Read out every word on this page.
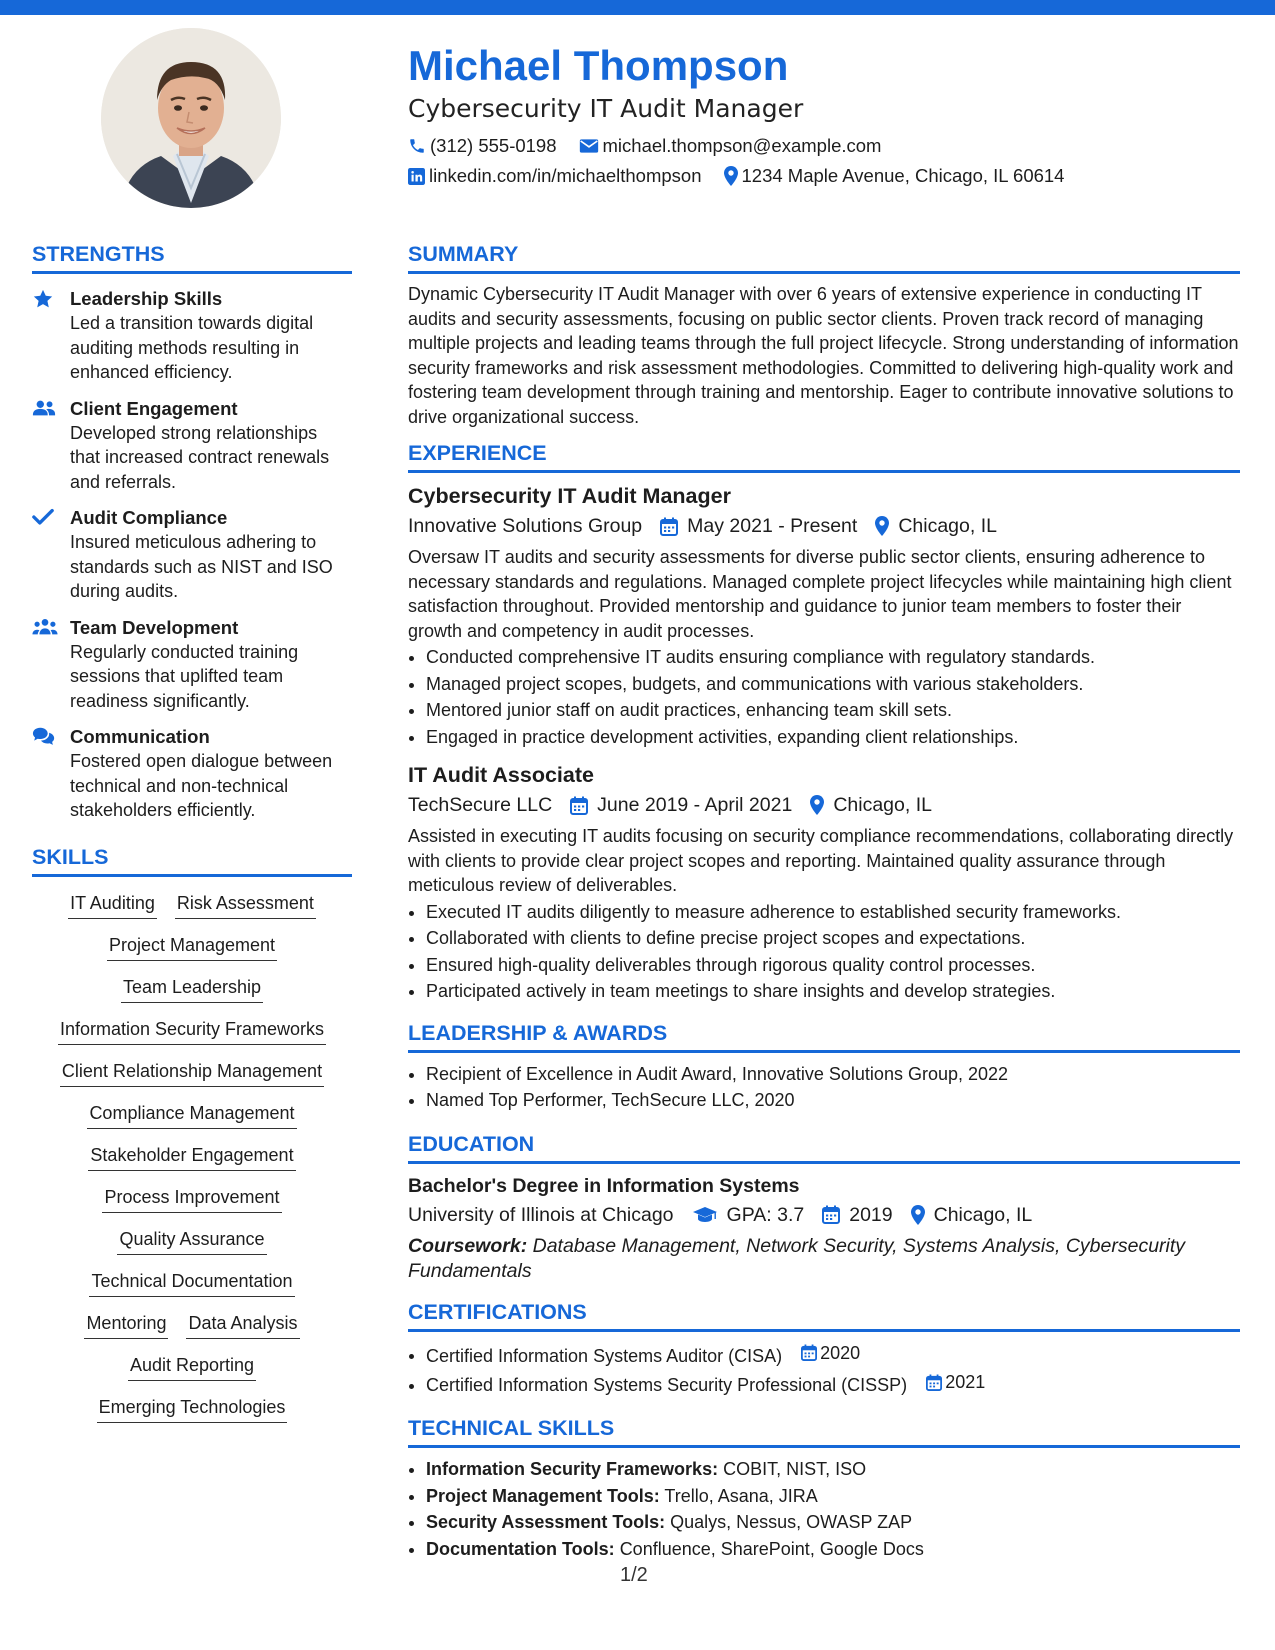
Michael Thompson
Cybersecurity IT Audit Manager
(312) 555-0198 michael.thompson@example.com
linkedin.com/in/michaelthompson 1234 Maple Avenue, Chicago, IL 60614
STRENGTHS
Leadership Skills
Led a transition towards digital auditing methods resulting in enhanced efficiency.
Client Engagement
Developed strong relationships that increased contract renewals and referrals.
Audit Compliance
Insured meticulous adhering to standards such as NIST and ISO during audits.
Team Development
Regularly conducted training sessions that uplifted team readiness significantly.
Communication
Fostered open dialogue between technical and non-technical stakeholders efficiently.
SKILLS
IT Auditing Risk Assessment
Project Management
Team Leadership
Information Security Frameworks
Client Relationship Management
Compliance Management
Stakeholder Engagement
Process Improvement
Quality Assurance
Technical Documentation
Mentoring Data Analysis
Audit Reporting
Emerging Technologies
SUMMARY
Dynamic Cybersecurity IT Audit Manager with over 6 years of extensive experience in conducting IT audits and security assessments, focusing on public sector clients. Proven track record of managing multiple projects and leading teams through the full project lifecycle. Strong understanding of information security frameworks and risk assessment methodologies. Committed to delivering high-quality work and fostering team development through training and mentorship. Eager to contribute innovative solutions to drive organizational success.
EXPERIENCE
Cybersecurity IT Audit Manager
Innovative Solutions Group May 2021 - Present Chicago, IL
Oversaw IT audits and security assessments for diverse public sector clients, ensuring adherence to necessary standards and regulations. Managed complete project lifecycles while maintaining high client satisfaction throughout. Provided mentorship and guidance to junior team members to foster their growth and competency in audit processes.
• Conducted comprehensive IT audits ensuring compliance with regulatory standards.
• Managed project scopes, budgets, and communications with various stakeholders.
• Mentored junior staff on audit practices, enhancing team skill sets.
• Engaged in practice development activities, expanding client relationships.
IT Audit Associate
TechSecure LLC June 2019 - April 2021 Chicago, IL
Assisted in executing IT audits focusing on security compliance recommendations, collaborating directly with clients to provide clear project scopes and reporting. Maintained quality assurance through meticulous review of deliverables.
• Executed IT audits diligently to measure adherence to established security frameworks.
• Collaborated with clients to define precise project scopes and expectations.
• Ensured high-quality deliverables through rigorous quality control processes.
• Participated actively in team meetings to share insights and develop strategies.
LEADERSHIP & AWARDS
• Recipient of Excellence in Audit Award, Innovative Solutions Group, 2022
• Named Top Performer, TechSecure LLC, 2020
EDUCATION
Bachelor's Degree in Information Systems
University of Illinois at Chicago	GPA: 3.7 2019 Chicago, IL
Coursework: Database Management, Network Security, Systems Analysis, Cybersecurity Fundamentals
CERTIFICATIONS
• Certified Information Systems Auditor (CISA) 2020
• Certified Information Systems Security Professional (CISSP) 2021
TECHNICAL SKILLS
• Information Security Frameworks: COBIT, NIST, ISO
• Project Management Tools: Trello, Asana, JIRA
• Security Assessment Tools: Qualys, Nessus, OWASP ZAP
• Documentation Tools: Confluence, SharePoint, Google Docs
1/2
